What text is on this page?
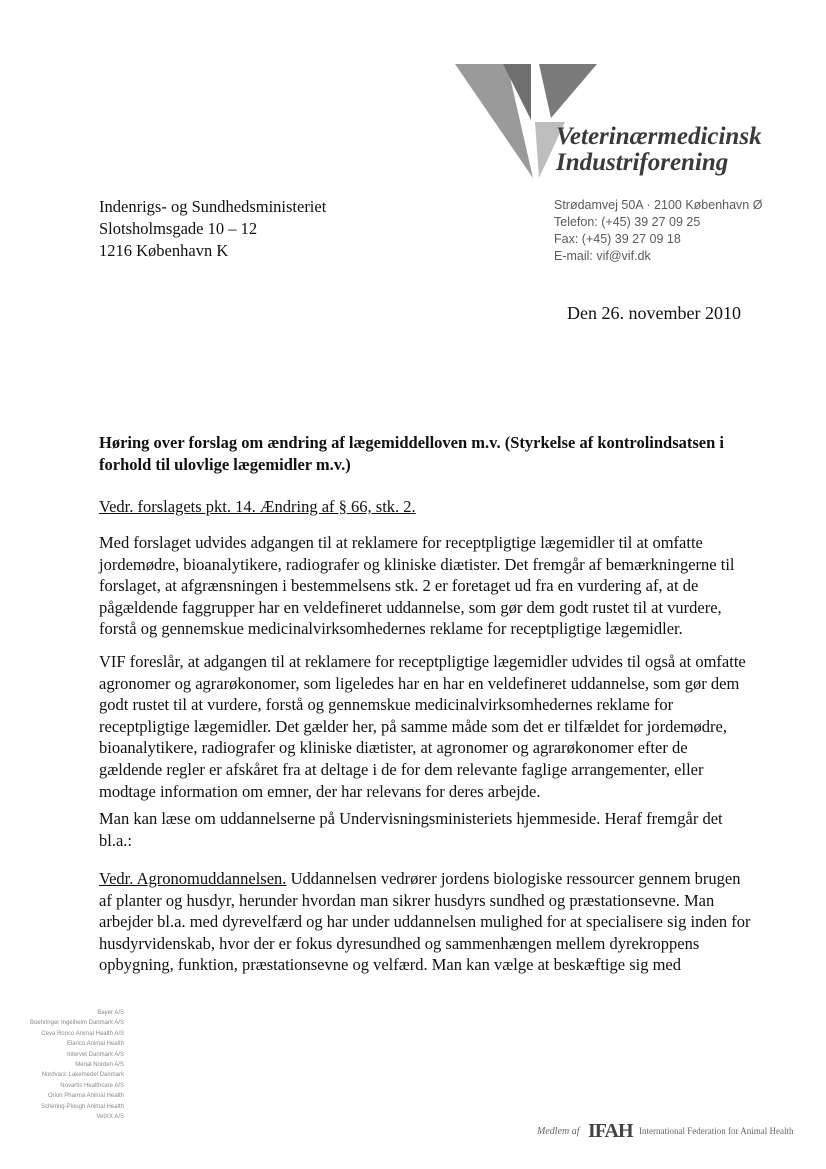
Veterinærmedicinsk
Industriforening
Strødamvej 50A · 2100 København Ø
Telefon: (+45) 39 27 09 25
Fax: (+45) 39 27 09 18
E-mail: vif@vif.dk
Indenrigs- og Sundhedsministeriet
Slotsholmsgade 10 – 12
1216 København K
Den 26. november 2010
Høring over forslag om ændring af lægemiddelloven m.v. (Styrkelse af kontrolindsatsen i forhold til ulovlige lægemidler m.v.)
Vedr. forslagets pkt. 14. Ændring af § 66, stk. 2.
Med forslaget udvides adgangen til at reklamere for receptpligtige lægemidler til at omfatte jordemødre, bioanalytikere, radiografer og kliniske diætister. Det fremgår af bemærkningerne til forslaget, at afgrænsningen i bestemmelsens stk. 2 er foretaget ud fra en vurdering af, at de pågældende faggrupper har en veldefineret uddannelse, som gør dem godt rustet til at vurdere, forstå og gennemskue medicinalvirksomhedernes reklame for receptpligtige lægemidler.
VIF foreslår, at adgangen til at reklamere for receptpligtige lægemidler udvides til også at omfatte agronomer og agrarøkonomer, som ligeledes har en har en veldefineret uddannelse, som gør dem godt rustet til at vurdere, forstå og gennemskue medicinalvirksomhedernes reklame for receptpligtige lægemidler. Det gælder her, på samme måde som det er tilfældet for jordemødre, bioanalytikere, radiografer og kliniske diætister, at agronomer og agrarøkonomer efter de gældende regler er afskåret fra at deltage i de for dem relevante faglige arrangementer, eller modtage information om emner, der har relevans for deres arbejde.
Man kan læse om uddannelserne på Undervisningsministeriets hjemmeside. Heraf fremgår det bl.a.:
Vedr. Agronomuddannelsen. Uddannelsen vedrører jordens biologiske ressourcer gennem brugen af planter og husdyr, herunder hvordan man sikrer husdyrs sundhed og præstationsevne. Man arbejder bl.a. med dyrevelfærd og har under uddannelsen mulighed for at specialisere sig inden for husdyrvidenskab, hvor der er fokus dyresundhed og sammenhængen mellem dyrekroppens opbygning, funktion, præstationsevne og velfærd. Man kan vælge at beskæftige sig med
Bayer A/S
Boehringer Ingelheim Danmark A/S
Ceva Ronco Animal Health A/S
Elanco Animal Health
Intervet Danmark A/S
Merial Norden A/S
Nordvacc Lakemedel Danmark
Novartis Healthcare A/S
Orion Pharma Animal Health
Schering-Plough Animal Health
VetXX A/S
Medlem af IFAH International Federation for Animal Health
